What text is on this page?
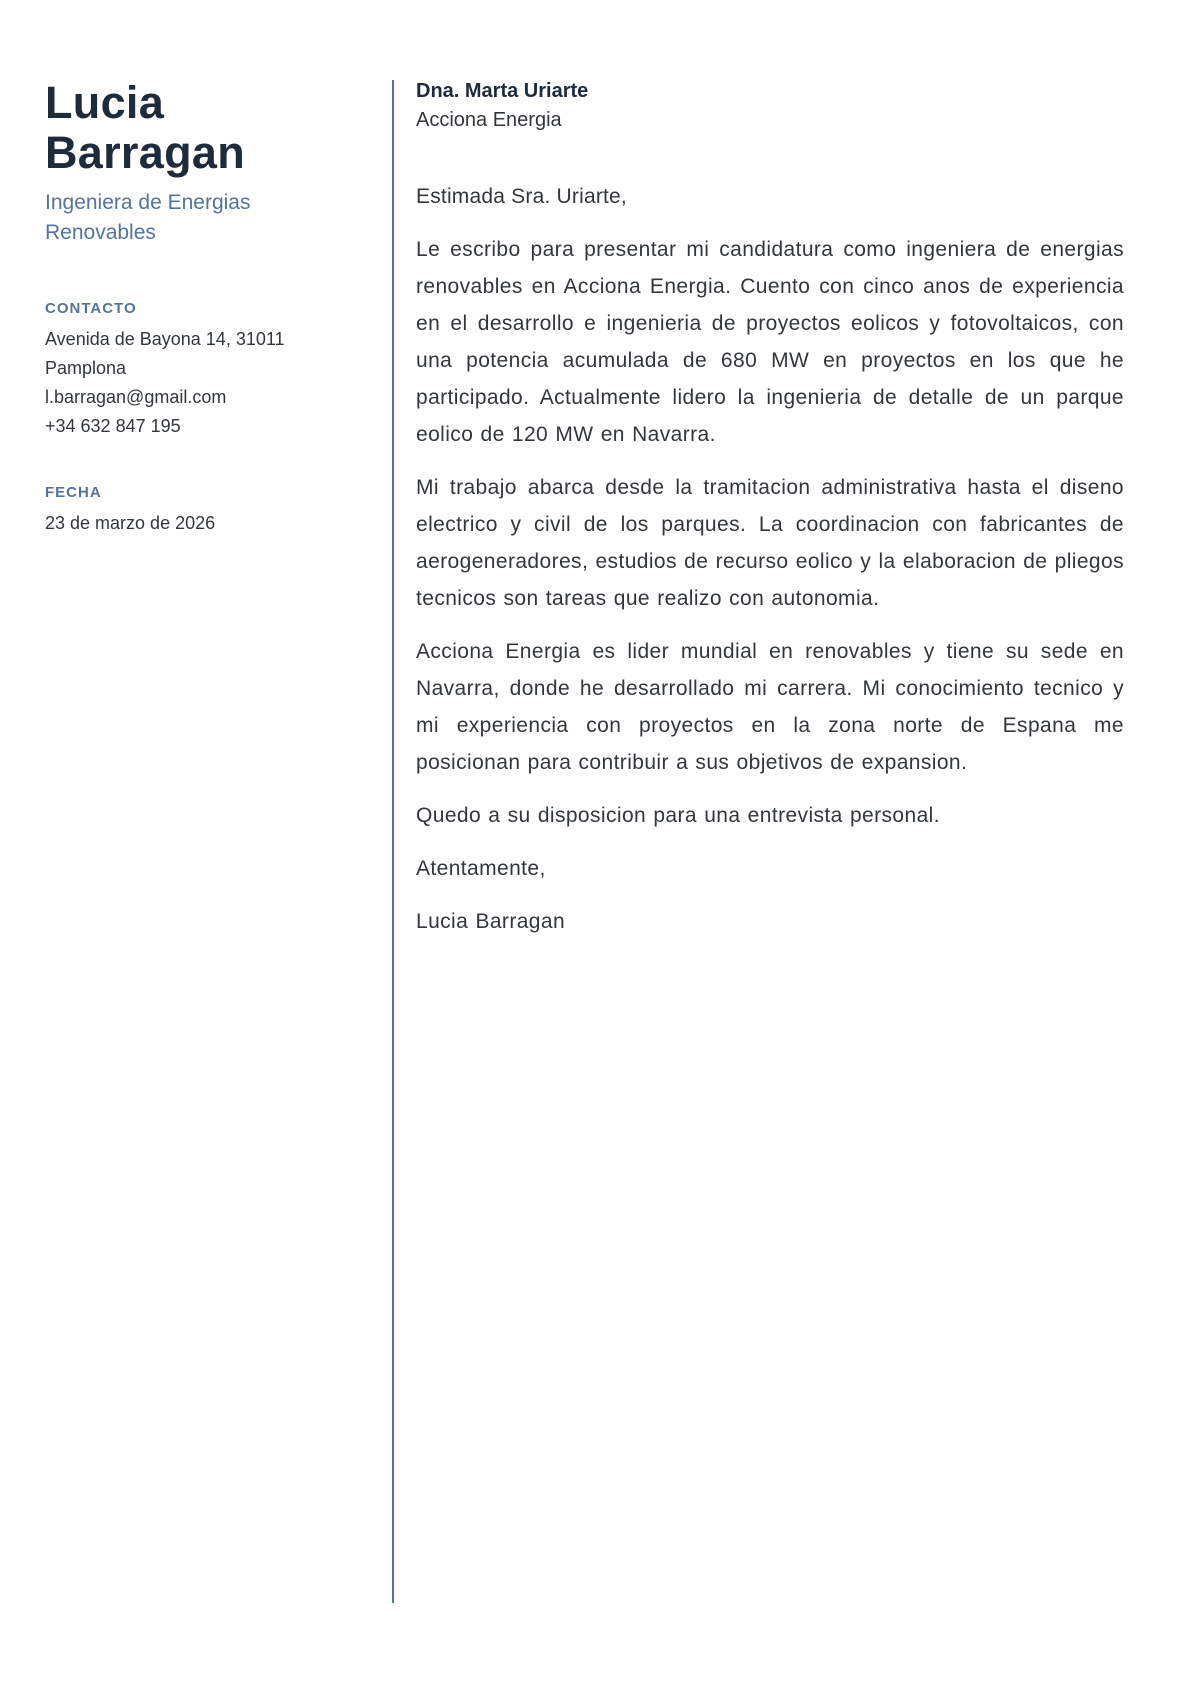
Lucia
Barragan

Ingeniera de Energias Renovables

CONTACTO

Avenida de Bayona 14, 31011

Pamplona

l.barragan@gmail.com

+34 632 847 195

FECHA

23 de marzo de 2026

Dna. Marta Uriarte

Acciona Energia

Estimada Sra. Uriarte,

Le escribo para presentar mi candidatura como ingeniera de energias renovables en Acciona Energia. Cuento con cinco anos de experiencia en el desarrollo e ingenieria de proyectos eolicos y fotovoltaicos, con una potencia acumulada de 680 MW en proyectos en los que he participado. Actualmente lidero la ingenieria de detalle de un parque eolico de 120 MW en Navarra.

Mi trabajo abarca desde la tramitacion administrativa hasta el diseno electrico y civil de los parques. La coordinacion con fabricantes de aerogeneradores, estudios de recurso eolico y la elaboracion de pliegos tecnicos son tareas que realizo con autonomia.

Acciona Energia es lider mundial en renovables y tiene su sede en Navarra, donde he desarrollado mi carrera. Mi conocimiento tecnico y mi experiencia con proyectos en la zona norte de Espana me posicionan para contribuir a sus objetivos de expansion.

Quedo a su disposicion para una entrevista personal.

Atentamente,

Lucia Barragan
